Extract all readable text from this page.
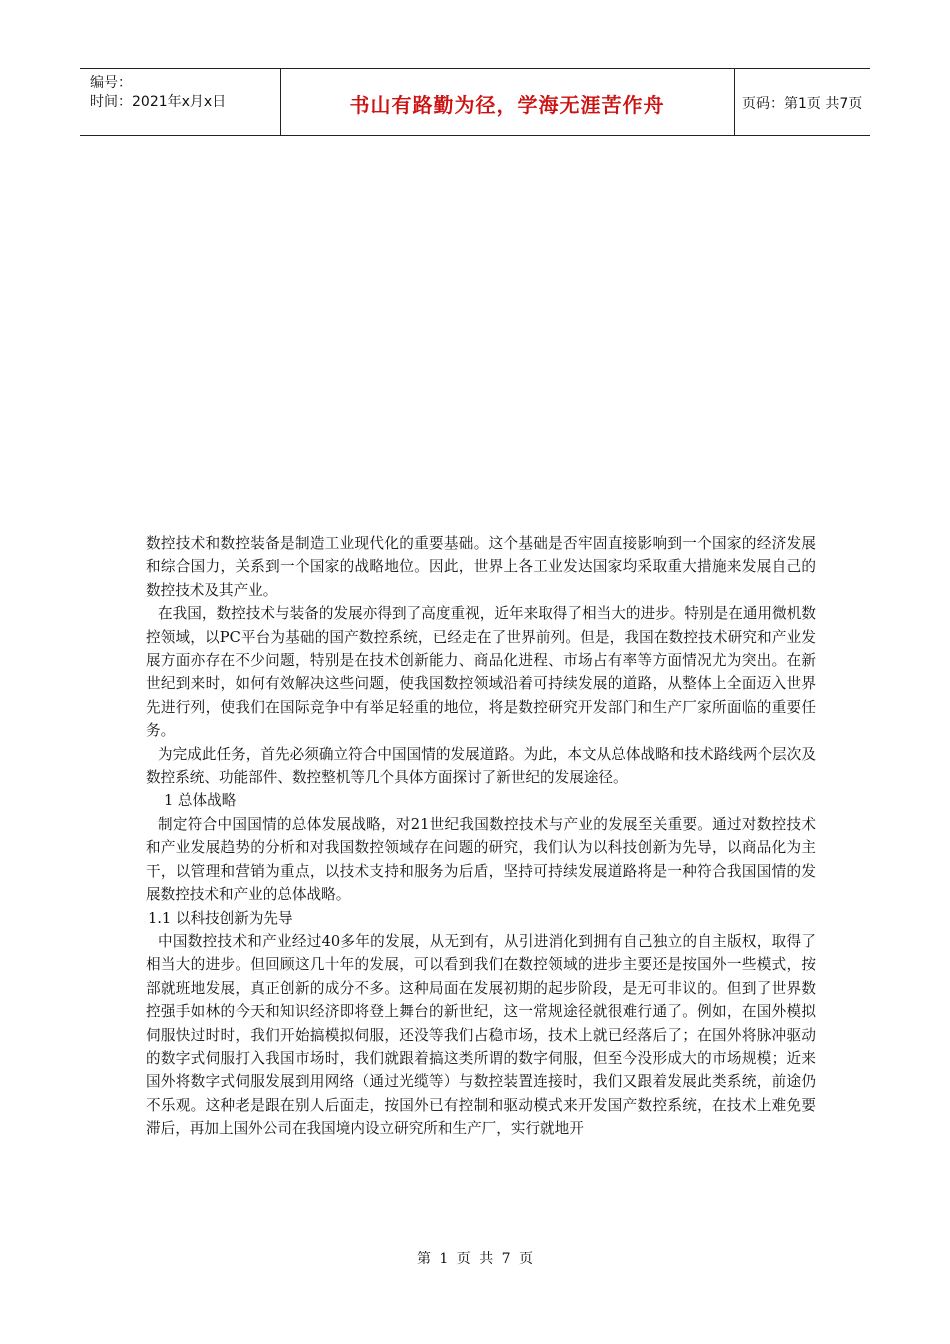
编号：
时间：2021年x月x日	书山有路勤为径，学海无涯苦作舟	页码：第1页 共7页

数控技术和数控装备是制造工业现代化的重要基础。这个基础是否牢固直接影响到一个国家的经济发展和综合国力，关系到一个国家的战略地位。因此，世界上各工业发达国家均采取重大措施来发展自己的数控技术及其产业。

在我国，数控技术与装备的发展亦得到了高度重视，近年来取得了相当大的进步。特别是在通用微机数控领域，以PC平台为基础的国产数控系统，已经走在了世界前列。但是，我国在数控技术研究和产业发展方面亦存在不少问题，特别是在技术创新能力、商品化进程、市场占有率等方面情况尤为突出。在新世纪到来时，如何有效解决这些问题，使我国数控领域沿着可持续发展的道路，从整体上全面迈入世界先进行列，使我们在国际竞争中有举足轻重的地位，将是数控研究开发部门和生产厂家所面临的重要任务。

为完成此任务，首先必须确立符合中国国情的发展道路。为此，本文从总体战略和技术路线两个层次及数控系统、功能部件、数控整机等几个具体方面探讨了新世纪的发展途径。

1 总体战略

制定符合中国国情的总体发展战略，对21世纪我国数控技术与产业的发展至关重要。通过对数控技术和产业发展趋势的分析和对我国数控领域存在问题的研究，我们认为以科技创新为先导，以商品化为主干，以管理和营销为重点，以技术支持和服务为后盾，坚持可持续发展道路将是一种符合我国国情的发展数控技术和产业的总体战略。

1.1 以科技创新为先导

中国数控技术和产业经过40多年的发展，从无到有，从引进消化到拥有自己独立的自主版权，取得了相当大的进步。但回顾这几十年的发展，可以看到我们在数控领域的进步主要还是按国外一些模式，按部就班地发展，真正创新的成分不多。这种局面在发展初期的起步阶段，是无可非议的。但到了世界数控强手如林的今天和知识经济即将登上舞台的新世纪，这一常规途径就很难行通了。例如，在国外模拟伺服快过时时，我们开始搞模拟伺服，还没等我们占稳市场，技术上就已经落后了；在国外将脉冲驱动的数字式伺服打入我国市场时，我们就跟着搞这类所谓的数字伺服，但至今没形成大的市场规模；近来国外将数字式伺服发展到用网络（通过光缆等）与数控装置连接时，我们又跟着发展此类系统，前途仍不乐观。这种老是跟在别人后面走，按国外已有控制和驱动模式来开发国产数控系统，在技术上难免要滞后，再加上国外公司在我国境内设立研究所和生产厂，实行就地开

第 1 页 共 7 页
